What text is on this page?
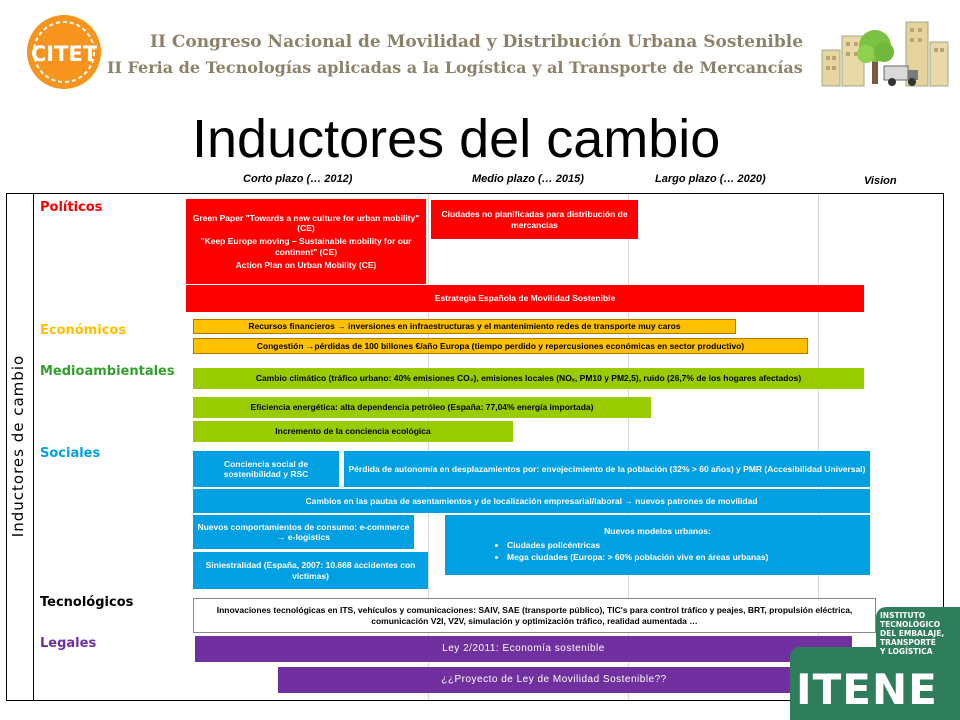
CITET	II Congreso Nacional de Movilidad y Distribución Urbana Sostenible
II Feria de Tecnologías aplicadas a la Logística y al Transporte de Mercancías
Inductores del cambio
Corto plazo (… 2012)	Medio plazo (… 2015)	Largo plazo (… 2020)	Vision
Inductores de cambio
Políticos
Económicos
Medioambientales
Sociales
Tecnológicos
Legales
Green Paper "Towards a new culture for urban mobility" (CE)
"Keep Europe moving – Sustainable mobility for our continent" (CE)
Action Plan on Urban Mobility (CE)
Ciudades no planificadas para distribución de mercancías
Estrategia Española de Movilidad Sostenible
Recursos financieros → inversiones en infraestructuras y el mantenimiento redes de transporte muy caros
Congestión →pérdidas de 100 billones €/año Europa (tiempo perdido y repercusiones económicas en sector productivo)
Cambio climático (tráfico urbano: 40% emisiones CO₂), emisiones locales (NOₓ, PM10 y PM2,5), ruido (26,7% de los hogares afectados)
Eficiencia energética: alta dependencia petróleo (España: 77,04% energía importada)
Incremento de la conciencia ecológica
Conciencia social de sostenibilidad y RSC
Pérdida de autonomía en desplazamientos por: envejecimiento de la población (32% > 60 años) y PMR (Accesibilidad Universal)
Cambios en las pautas de asentamientos y de localización empresarial/laboral → nuevos patrones de movilidad
Nuevos comportamientos de consumo: e-commerce → e-logistics
Nuevos modelos urbanos:
• Ciudades policéntricas
• Mega ciudades (Europa: > 60% población vive en áreas urbanas)
Siniestralidad (España, 2007: 10.668 accidentes con víctimas)
Innovaciones tecnológicas en ITS, vehículos y comunicaciones: SAIV, SAE (transporte público), TIC's para control tráfico y peajes, BRT, propulsión eléctrica, comunicación V2I, V2V, simulación y optimización tráfico, realidad aumentada …
Ley 2/2011: Economía sostenible
¿¿Proyecto de Ley de Movilidad Sostenible??
INSTITUTO
TECNOLÓGICO
DEL EMBALAJE,
TRANSPORTE
Y LOGÍSTICA
ITENE
